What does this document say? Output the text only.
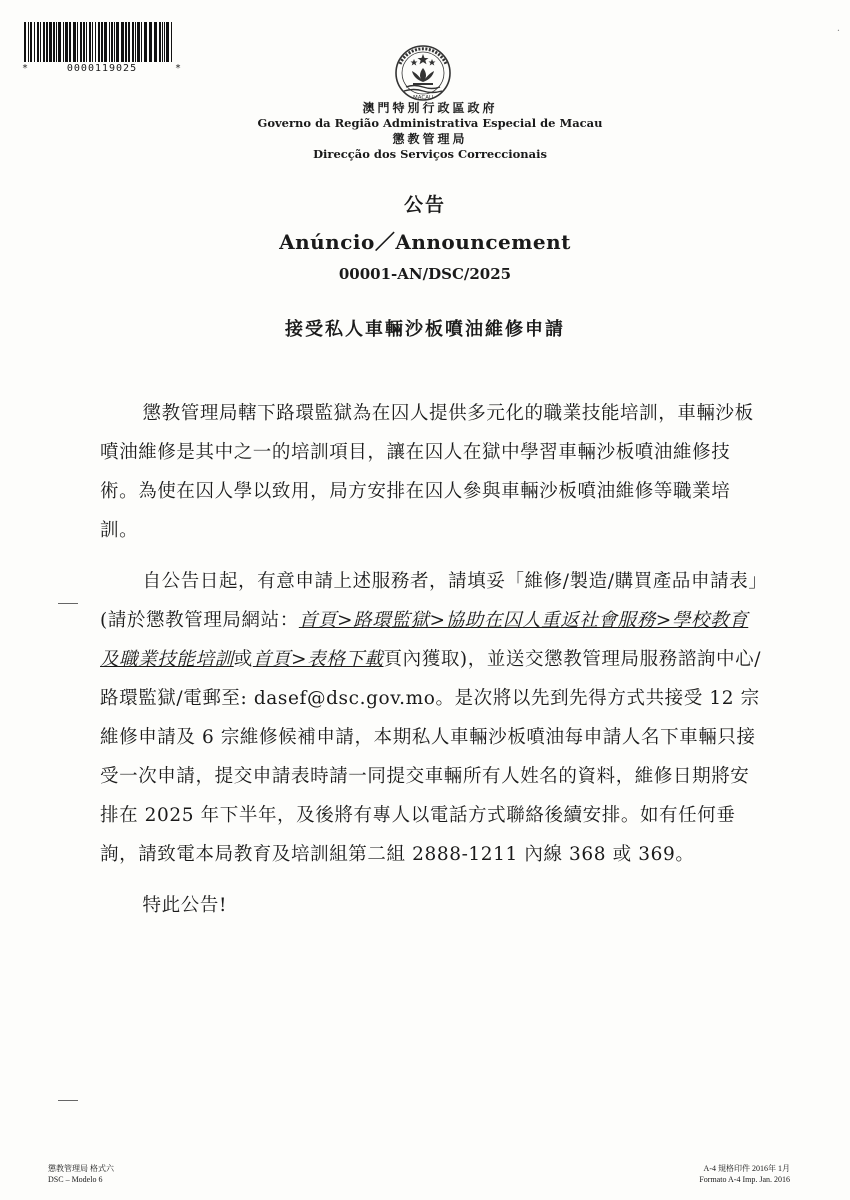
*	0000119025	*
·
MACAU
澳門特別行政區政府
Governo da Região Administrativa Especial de Macau
懲教管理局
Direcção dos Serviços Correccionais
公告
Anúncio／Announcement
00001-AN/DSC/2025
接受私人車輛沙板噴油維修申請

懲教管理局轄下路環監獄為在囚人提供多元化的職業技能培訓，車輛沙板噴油維修是其中之一的培訓項目，讓在囚人在獄中學習車輛沙板噴油維修技術。為使在囚人學以致用，局方安排在囚人參與車輛沙板噴油維修等職業培訓。

自公告日起，有意申請上述服務者，請填妥「維修/製造/購買產品申請表」(請於懲教管理局網站：首頁>路環監獄>協助在囚人重返社會服務>學校教育及職業技能培訓或首頁>表格下載頁內獲取)，並送交懲教管理局服務諮詢中心/路環監獄/電郵至: dasef@dsc.gov.mo。是次將以先到先得方式共接受 12 宗維修申請及 6 宗維修候補申請，本期私人車輛沙板噴油每申請人名下車輛只接受一次申請，提交申請表時請一同提交車輛所有人姓名的資料，維修日期將安排在 2025 年下半年，及後將有專人以電話方式聯絡後續安排。如有任何垂詢，請致電本局教育及培訓組第二組 2888-1211 內線 368 或 369。

特此公告!

懲教管理局 格式六
DSC – Modelo 6
A-4 規格印件 2016年 1月
Formato A-4 Imp. Jan. 2016
